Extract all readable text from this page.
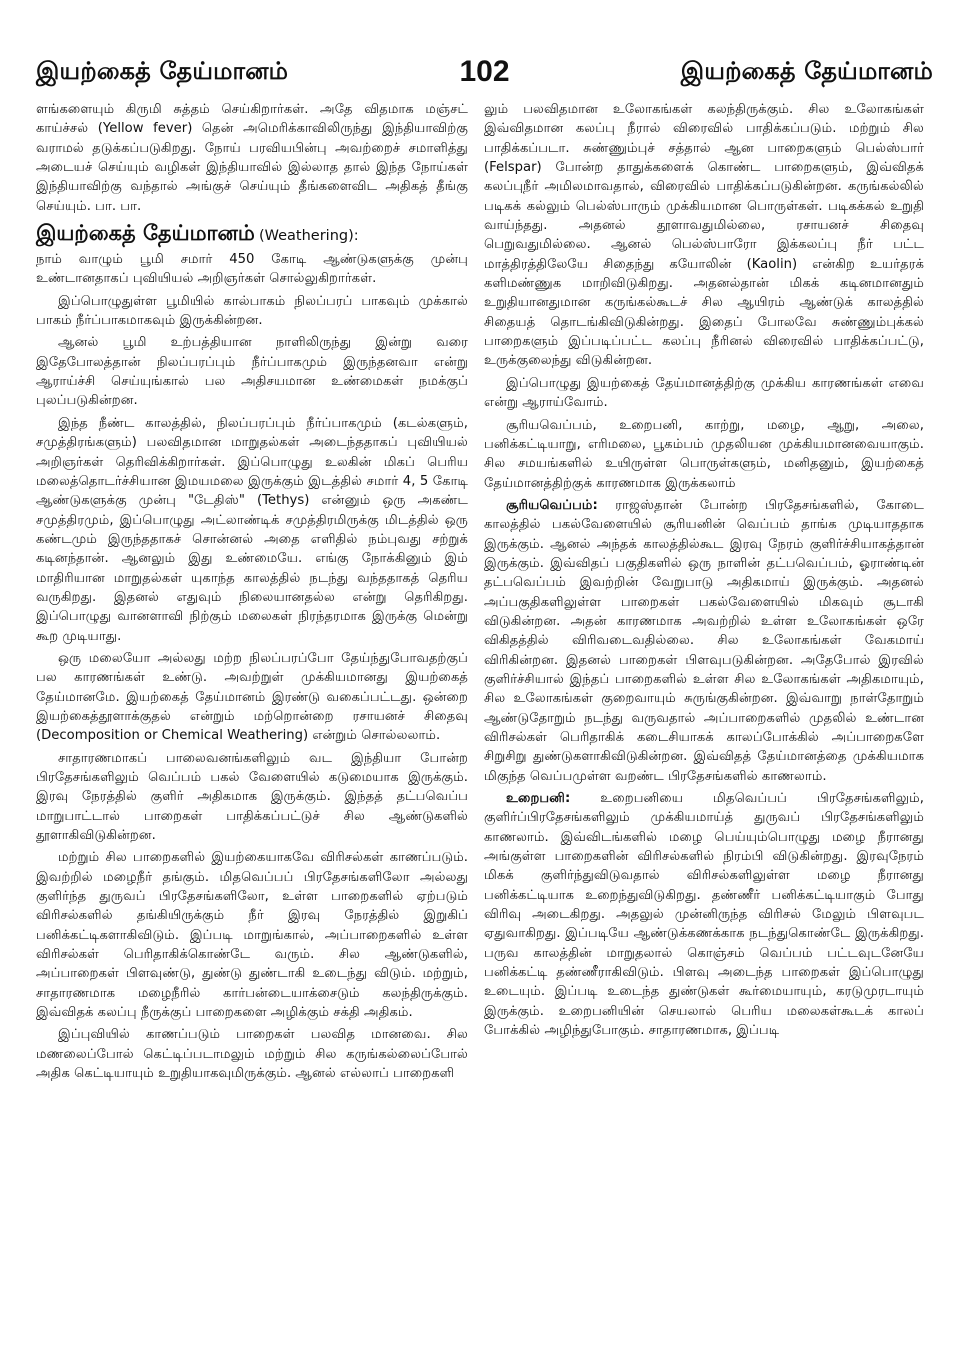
இயற்கைத் தேய்மானம்	102	இயற்கைத் தேய்மானம்

ளங்களையும் கிருமி சுத்தம் செய்கிறார்கள். அதே விதமாக மஞ்சட் காய்ச்சல் (Yellow fever) தென் அமெரிக்காவிலிருந்து இந்தியாவிற்கு வராமல் தடுக்கப்படுகிறது. நோய் பரவியபின்பு அவற்றைச் சமாளித்து அடையச் செய்யும் வழிகள் இந்தியாவில் இல்லாத தால் இந்த நோய்கள் இந்தியாவிற்கு வந்தால் அங்குச் செய்யும் தீங்களைவிட அதிகத் தீங்கு செய்யும். பா. பா.

இயற்கைத் தேய்மானம் (Weathering):

நாம் வாழும் பூமி சமார் 450 கோடி ஆண்டுகளுக்கு முன்பு உண்டானதாகப் புவியியல் அறிஞர்கள் சொல்லுகிறார்கள்.

இப்பொழுதுள்ள பூமியில் கால்பாகம் நிலப்பரப் பாகவும் முக்கால் பாகம் நீர்ப்பாகமாகவும் இருக்கின்றன.

ஆனல் பூமி உற்பத்தியான நாளிலிருந்து இன்று வரை இதேபோலத்தான் நிலப்பரப்பும் நீர்ப்பாகமும் இருந்தனவா என்று ஆராய்ச்சி செய்யுங்கால் பல அதிசயமான உண்மைகள் நமக்குப் புலப்படுகின்றன.

இந்த நீண்ட காலத்தில், நிலப்பரப்பும் நீர்ப்பாகமும் (கடல்களும், சமுத்திரங்களும்) பலவிதமான மாறுதல்கள் அடைந்ததாகப் புவியியல் அறிஞர்கள் தெரிவிக்கிறார்கள். இப்பொழுது உலகின் மிகப் பெரிய மலைத்தொடர்ச்சியான இமயமலை இருக்கும் இடத்தில் சமார் 4, 5 கோடி ஆண்டுகளுக்கு முன்பு "டேதிஸ்" (Tethys) என்னும் ஒரு அகண்ட சமுத்திரமும், இப்பொழுது அட்லாண்டிக் சமுத்திரமிருக்கு மிடத்தில் ஒரு கண்டமும் இருந்ததாகச் சொன்னல் அதை எளிதில் நம்புவது சற்றுக் கடினந்தான். ஆனலும் இது உண்மையே. எங்கு நோக்கினும் இம் மாதிரியான மாறுதல்கள் யுகாந்த காலத்தில் நடந்து வந்ததாகத் தெரிய வருகிறது. இதனல் எதுவும் நிலையானதல்ல என்று தெரிகிறது. இப்பொழுது வானளாவி நிற்கும் மலைகள் நிரந்தரமாக இருக்கு மென்று கூற முடியாது.

ஒரு மலையோ அல்லது மற்ற நிலப்பரப்போ தேய்ந்துபோவதற்குப் பல காரணங்கள் உண்டு. அவற்றுள் முக்கியமானது இயற்கைத் தேய்மானமே. இயற்கைத் தேய்மானம் இரண்டு வகைப்பட்டது. ஒன்றை இயற்கைத்தூளாக்குதல் என்றும் மற்றொன்றை ரசாயனச் சிதைவு (Decomposition or Chemical Weathering) என்றும் சொல்லலாம்.

சாதாரணமாகப் பாலைவனங்களிலும் வட இந்தியா போன்ற பிரதேசங்களிலும் வெப்பம் பகல் வேளையில் கடுமையாக இருக்கும். இரவு நேரத்தில் குளிர் அதிகமாக இருக்கும். இந்தத் தட்பவெப்ப மாறுபாட்டால் பாறைகள் பாதிக்கப்பட்டுச் சில ஆண்டுகளில் தூளாகிவிடுகின்றன.

மற்றும் சில பாறைகளில் இயற்கையாகவே விரிசல்கள் காணப்படும். இவற்றில் மழைநீர் தங்கும். மிதவெப்பப் பிரதேசங்களிலோ அல்லது குளிர்ந்த துருவப் பிரதேசங்களிலோ, உள்ள பாறைகளில் ஏற்படும் விரிசல்களில் தங்கியிருக்கும் நீர் இரவு நேரத்தில் இறுகிப் பனிக்கட்டிகளாகிவிடும். இப்படி மாறுங்கால், அப்பாறைகளில் உள்ள விரிசல்கள் பெரிதாகிக்கொண்டே வரும். சில ஆண்டுகளில், அப்பாறைகள் பிளவுண்டு, துண்டு துண்டாகி உடைந்து விடும். மற்றும், சாதாரணமாக மழைநீரில் கார்பன்டையாக்சைடும் கலந்திருக்கும். இவ்விதக் கலப்பு நீருக்குப் பாறைகளை அழிக்கும் சக்தி அதிகம்.

இப்புவியில் காணப்படும் பாறைகள் பலவித மானவை. சில மணலைப்போல் கெட்டிப்படாமலும் மற்றும் சில கருங்கல்லைப்போல் அதிக கெட்டியாயும் உறுதியாகவுமிருக்கும். ஆனல் எல்லாப் பாறைகளி

லும் பலவிதமான உலோகங்கள் கலந்திருக்கும். சில உலோகங்கள் இவ்விதமான கலப்பு நீரால் விரைவில் பாதிக்கப்படும். மற்றும் சில பாதிக்கப்படா. சுண்ணும்புச் சத்தால் ஆன பாறைகளும் பெல்ஸ்பார் (Felspar) போன்ற தாதுக்களைக் கொண்ட பாறைகளும், இவ்விதக் கலப்புநீர் அமிலமாவதால், விரைவில் பாதிக்கப்படுகின்றன. கருங்கல்லில் படிகக் கல்லும் பெல்ஸ்பாரும் முக்கியமான பொருள்கள். படிகக்கல் உறுதி வாய்ந்தது. அதனல் தூளாவதுமில்லை, ரசாயனச் சிதைவு பெறுவதுமில்லை. ஆனல் பெல்ஸ்பாரோ இக்கலப்பு நீர் பட்ட மாத்திரத்திலேயே சிதைந்து கயோலின் (Kaolin) என்கிற உயர்தரக் களிமண்ணுக மாறிவிடுகிறது. அதனல்தான் மிகக் கடினமானதும் உறுதியானதுமான கருங்கல்கூடச் சில ஆயிரம் ஆண்டுக் காலத்தில் சிதையத் தொடங்கிவிடுகின்றது. இதைப் போலவே சுண்ணும்புக்கல் பாறைகளும் இப்படிப்பட்ட கலப்பு நீரினல் விரைவில் பாதிக்கப்பட்டு, உருக்குலைந்து விடுகின்றன.

இப்பொழுது இயற்கைத் தேய்மானத்திற்கு முக்கிய காரணங்கள் எவை என்று ஆராய்வோம்.

சூரியவெப்பம், உறைபனி, காற்று, மழை, ஆறு, அலை, பனிக்கட்டியாறு, எரிமலை, பூகம்பம் முதலியன முக்கியமானவையாகும். சில சமயங்களில் உயிருள்ள பொருள்களும், மனிதனும், இயற்கைத் தேய்மானத்திற்குக் காரணமாக இருக்கலாம்

சூரியவெப்பம்: ராஜஸ்தான் போன்ற பிரதேசங்களில், கோடை காலத்தில் பகல்வேளையில் சூரியனின் வெப்பம் தாங்க முடியாததாக இருக்கும். ஆனல் அந்தக் காலத்தில்கூட இரவு நேரம் குளிர்ச்சியாகத்தான் இருக்கும். இவ்விதப் பகுதிகளில் ஒரு நாளின் தட்பவெப்பம், ஓராண்டின் தட்பவெப்பம் இவற்றின் வேறுபாடு அதிகமாய் இருக்கும். அதனல் அப்பகுதிகளிலுள்ள பாறைகள் பகல்வேளையில் மிகவும் சூடாகி விடுகின்றன. அதன் காரணமாக அவற்றில் உள்ள உலோகங்கள் ஒரே விகிதத்தில் விரிவடைவதில்லை. சில உலோகங்கள் வேகமாய் விரிகின்றன. இதனல் பாறைகள் பிளவுபடுகின்றன. அதேபோல் இரவில் குளிர்ச்சியால் இந்தப் பாறைகளில் உள்ள சில உலோகங்கள் அதிகமாயும், சில உலோகங்கள் குறைவாயும் சுருங்குகின்றன. இவ்வாறு நாள்தோறும் ஆண்டுதோறும் நடந்து வருவதால் அப்பாறைகளில் முதலில் உண்டான விரிசல்கள் பெரிதாகிக் கடைசியாகக் காலப்போக்கில் அப்பாறைகளே சிறுசிறு துண்டுகளாகிவிடுகின்றன. இவ்விதத் தேய்மானத்தை முக்கியமாக மிகுந்த வெப்பமுள்ள வறண்ட பிரதேசங்களில் காணலாம்.

உறைபனி: உறைபனியை மிதவெப்பப் பிரதேசங்களிலும், குளிர்ப்பிரதேசங்களிலும் முக்கியமாய்த் துருவப் பிரதேசங்களிலும் காணலாம். இவ்விடங்களில் மழை பெய்யும்பொழுது மழை நீரானது அங்குள்ள பாறைகளின் விரிசல்களில் நிரம்பி விடுகின்றது. இரவுநேரம் மிகக் குளிர்ந்துவிடுவதால் விரிசல்களிலுள்ள மழை நீரானது பனிக்கட்டியாக உறைந்துவிடுகிறது. தண்ணீர் பனிக்கட்டியாகும் போது விரிவு அடைகிறது. அதலுல் முன்னிருந்த விரிசல் மேலும் பிளவுபட ஏதுவாகிறது. இப்படியே ஆண்டுக்கணக்காக நடந்துகொண்டே இருக்கிறது. பருவ காலத்தின் மாறுதலால் கொஞ்சம் வெப்பம் பட்டவுடனேயே பனிக்கட்டி தண்ணீராகிவிடும். பிளவு அடைந்த பாறைகள் இப்பொழுது உடையும். இப்படி உடைந்த துண்டுகள் கூர்மையாயும், கரடுமுரடாயும் இருக்கும். உறைபனியின் செயலால் பெரிய மலைகள்கூடக் காலப் போக்கில் அழிந்துபோகும். சாதாரணமாக, இப்படி
